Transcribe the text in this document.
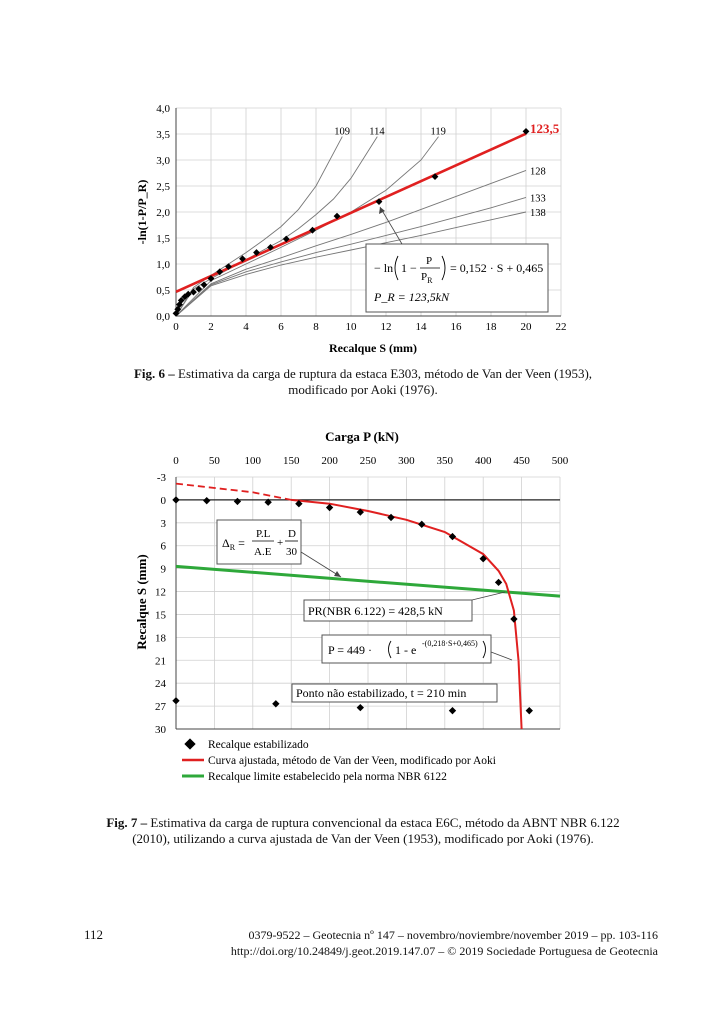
109 114	119
128
133
138
0	2	4	6	8 10 12 14 16 18 20 22
0,0
0,5
1,0
1,5
2,0
2,5
3,0
3,5
4,0
-ln(1-P/P_R)
Recalque S (mm)
123,5
− ln 1 − P
$P_R$
= 0,152 · S + 0,465
P_R = 123,5kN
Carga P (kN)
0	50 100 150 200 250 300 350 400 450 500
-3
0
3
6
9
12
15
18
21
24
27
30
Recalque S (mm)
$\Delta_R$ =
P.L
A.E
+
D
30
PR(NBR 6.122) = 428,5 kN
P = 449 · 1 - e -(0,218·S+0,465)
Ponto não estabilizado, t = 210 min
Recalque estabilizado
Curva ajustada, método de Van der Veen, modificado por Aoki
Recalque limite estabelecido pela norma NBR 6122
Fig. 6 – Estimativa da carga de ruptura da estaca E303, método de Van der Veen (1953),
modificado por Aoki (1976).
Fig. 7 – Estimativa da carga de ruptura convencional da estaca E6C, método da ABNT NBR 6.122
(2010), utilizando a curva ajustada de Van der Veen (1953), modificado por Aoki (1976).
112	0379-9522 – Geotecnia nº 147 – novembro/noviembre/november 2019 – pp. 103-116
http://doi.org/10.24849/j.geot.2019.147.07 – © 2019 Sociedade Portuguesa de Geotecnia
